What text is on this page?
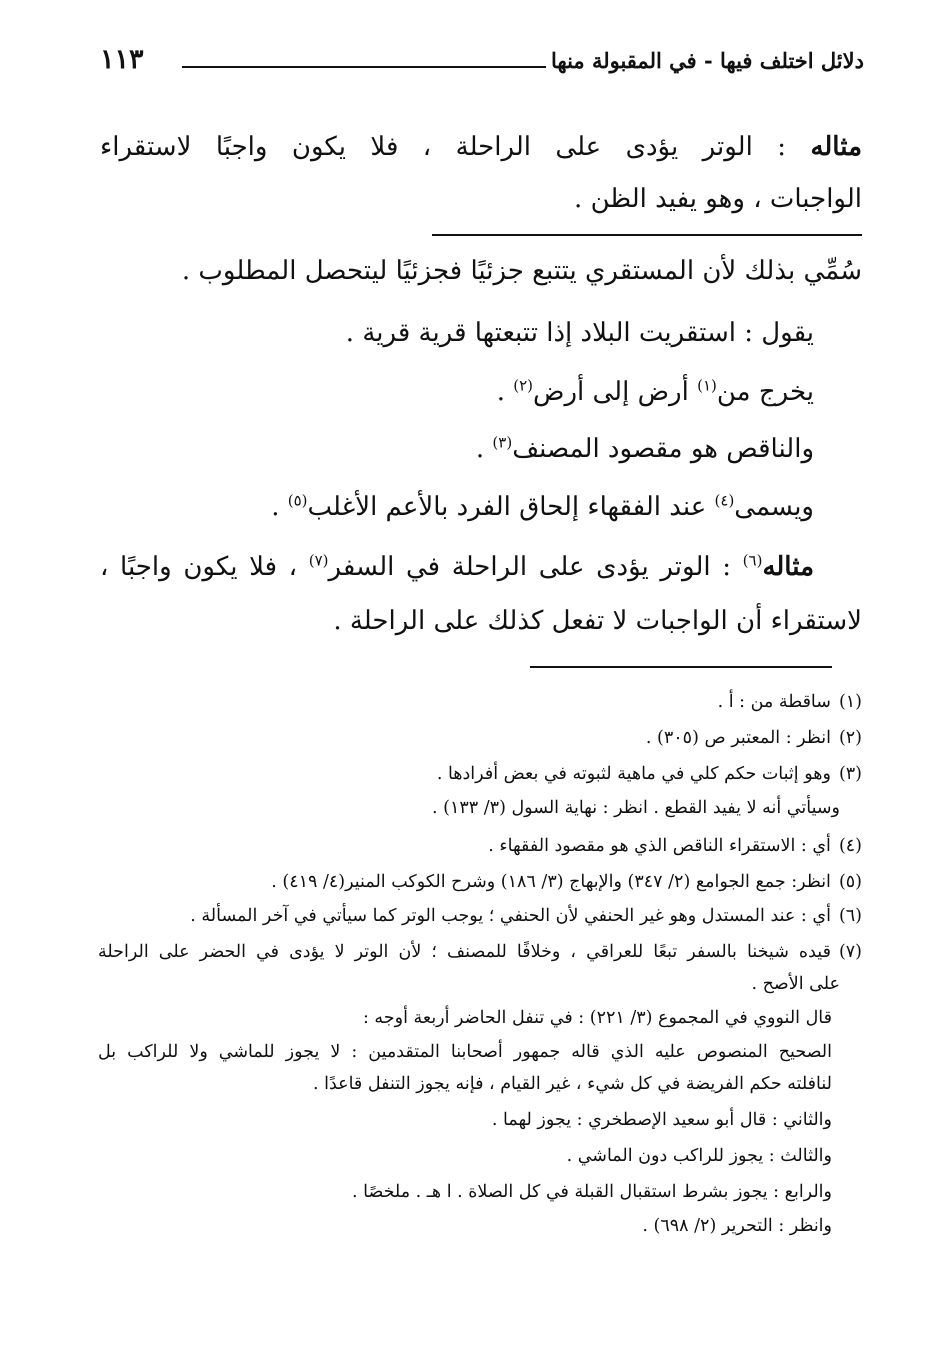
دلائل اختلف فيها - في المقبولة منها
١١٣
مثاله : الوتر يؤدى على الراحلة ، فلا يكون واجبًا لاستقراء
الواجبات ، وهو يفيد الظن .
سُمِّي بذلك لأن المستقري يتتبع جزئيًا فجزئيًا ليتحصل المطلوب .
يقول : استقريت البلاد إذا تتبعتها قرية قرية .
يخرج من$^{(١)}$ أرض إلى أرض$^{(٢)}$ .
والناقص هو مقصود المصنف$^{(٣)}$ .
ويسمى$^{(٤)}$ عند الفقهاء إلحاق الفرد بالأعم الأغلب$^{(٥)}$ .
مثاله$^{(٦)}$ : الوتر يؤدى على الراحلة في السفر$^{(٧)}$ ، فلا يكون واجبًا ،
لاستقراء أن الواجبات لا تفعل كذلك على الراحلة .
(١)ساقطة من : أ .
(٢)انظر : المعتبر ص (٣٠٥) .
(٣)وهو إثبات حكم كلي في ماهية لثبوته في بعض أفرادها .
وسيأتي أنه لا يفيد القطع . انظر : نهاية السول (٣/ ١٣٣) .
(٤)أي : الاستقراء الناقص الذي هو مقصود الفقهاء .
(٥)انظر: جمع الجوامع (٢/ ٣٤٧) والإبهاج (٣/ ١٨٦) وشرح الكوكب المنير(٤/ ٤١٩) .
(٦)أي : عند المستدل وهو غير الحنفي لأن الحنفي ؛ يوجب الوتر كما سيأتي في آخر المسألة .
(٧)قيده شيخنا بالسفر تبعًا للعراقي ، وخلافًا للمصنف ؛ لأن الوتر لا يؤدى في الحضر على الراحلة
على الأصح .
قال النووي في المجموع (٣/ ٢٢١) : في تنفل الحاضر أربعة أوجه :
الصحيح المنصوص عليه الذي قاله جمهور أصحابنا المتقدمين : لا يجوز للماشي ولا للراكب بل
لنافلته حكم الفريضة في كل شيء ، غير القيام ، فإنه يجوز التنفل قاعدًا .
والثاني : قال أبو سعيد الإصطخري : يجوز لهما .
والثالث : يجوز للراكب دون الماشي .
والرابع : يجوز بشرط استقبال القبلة في كل الصلاة . ا هـ . ملخصًا .
وانظر : التحرير (٢/ ٦٩٨) .
